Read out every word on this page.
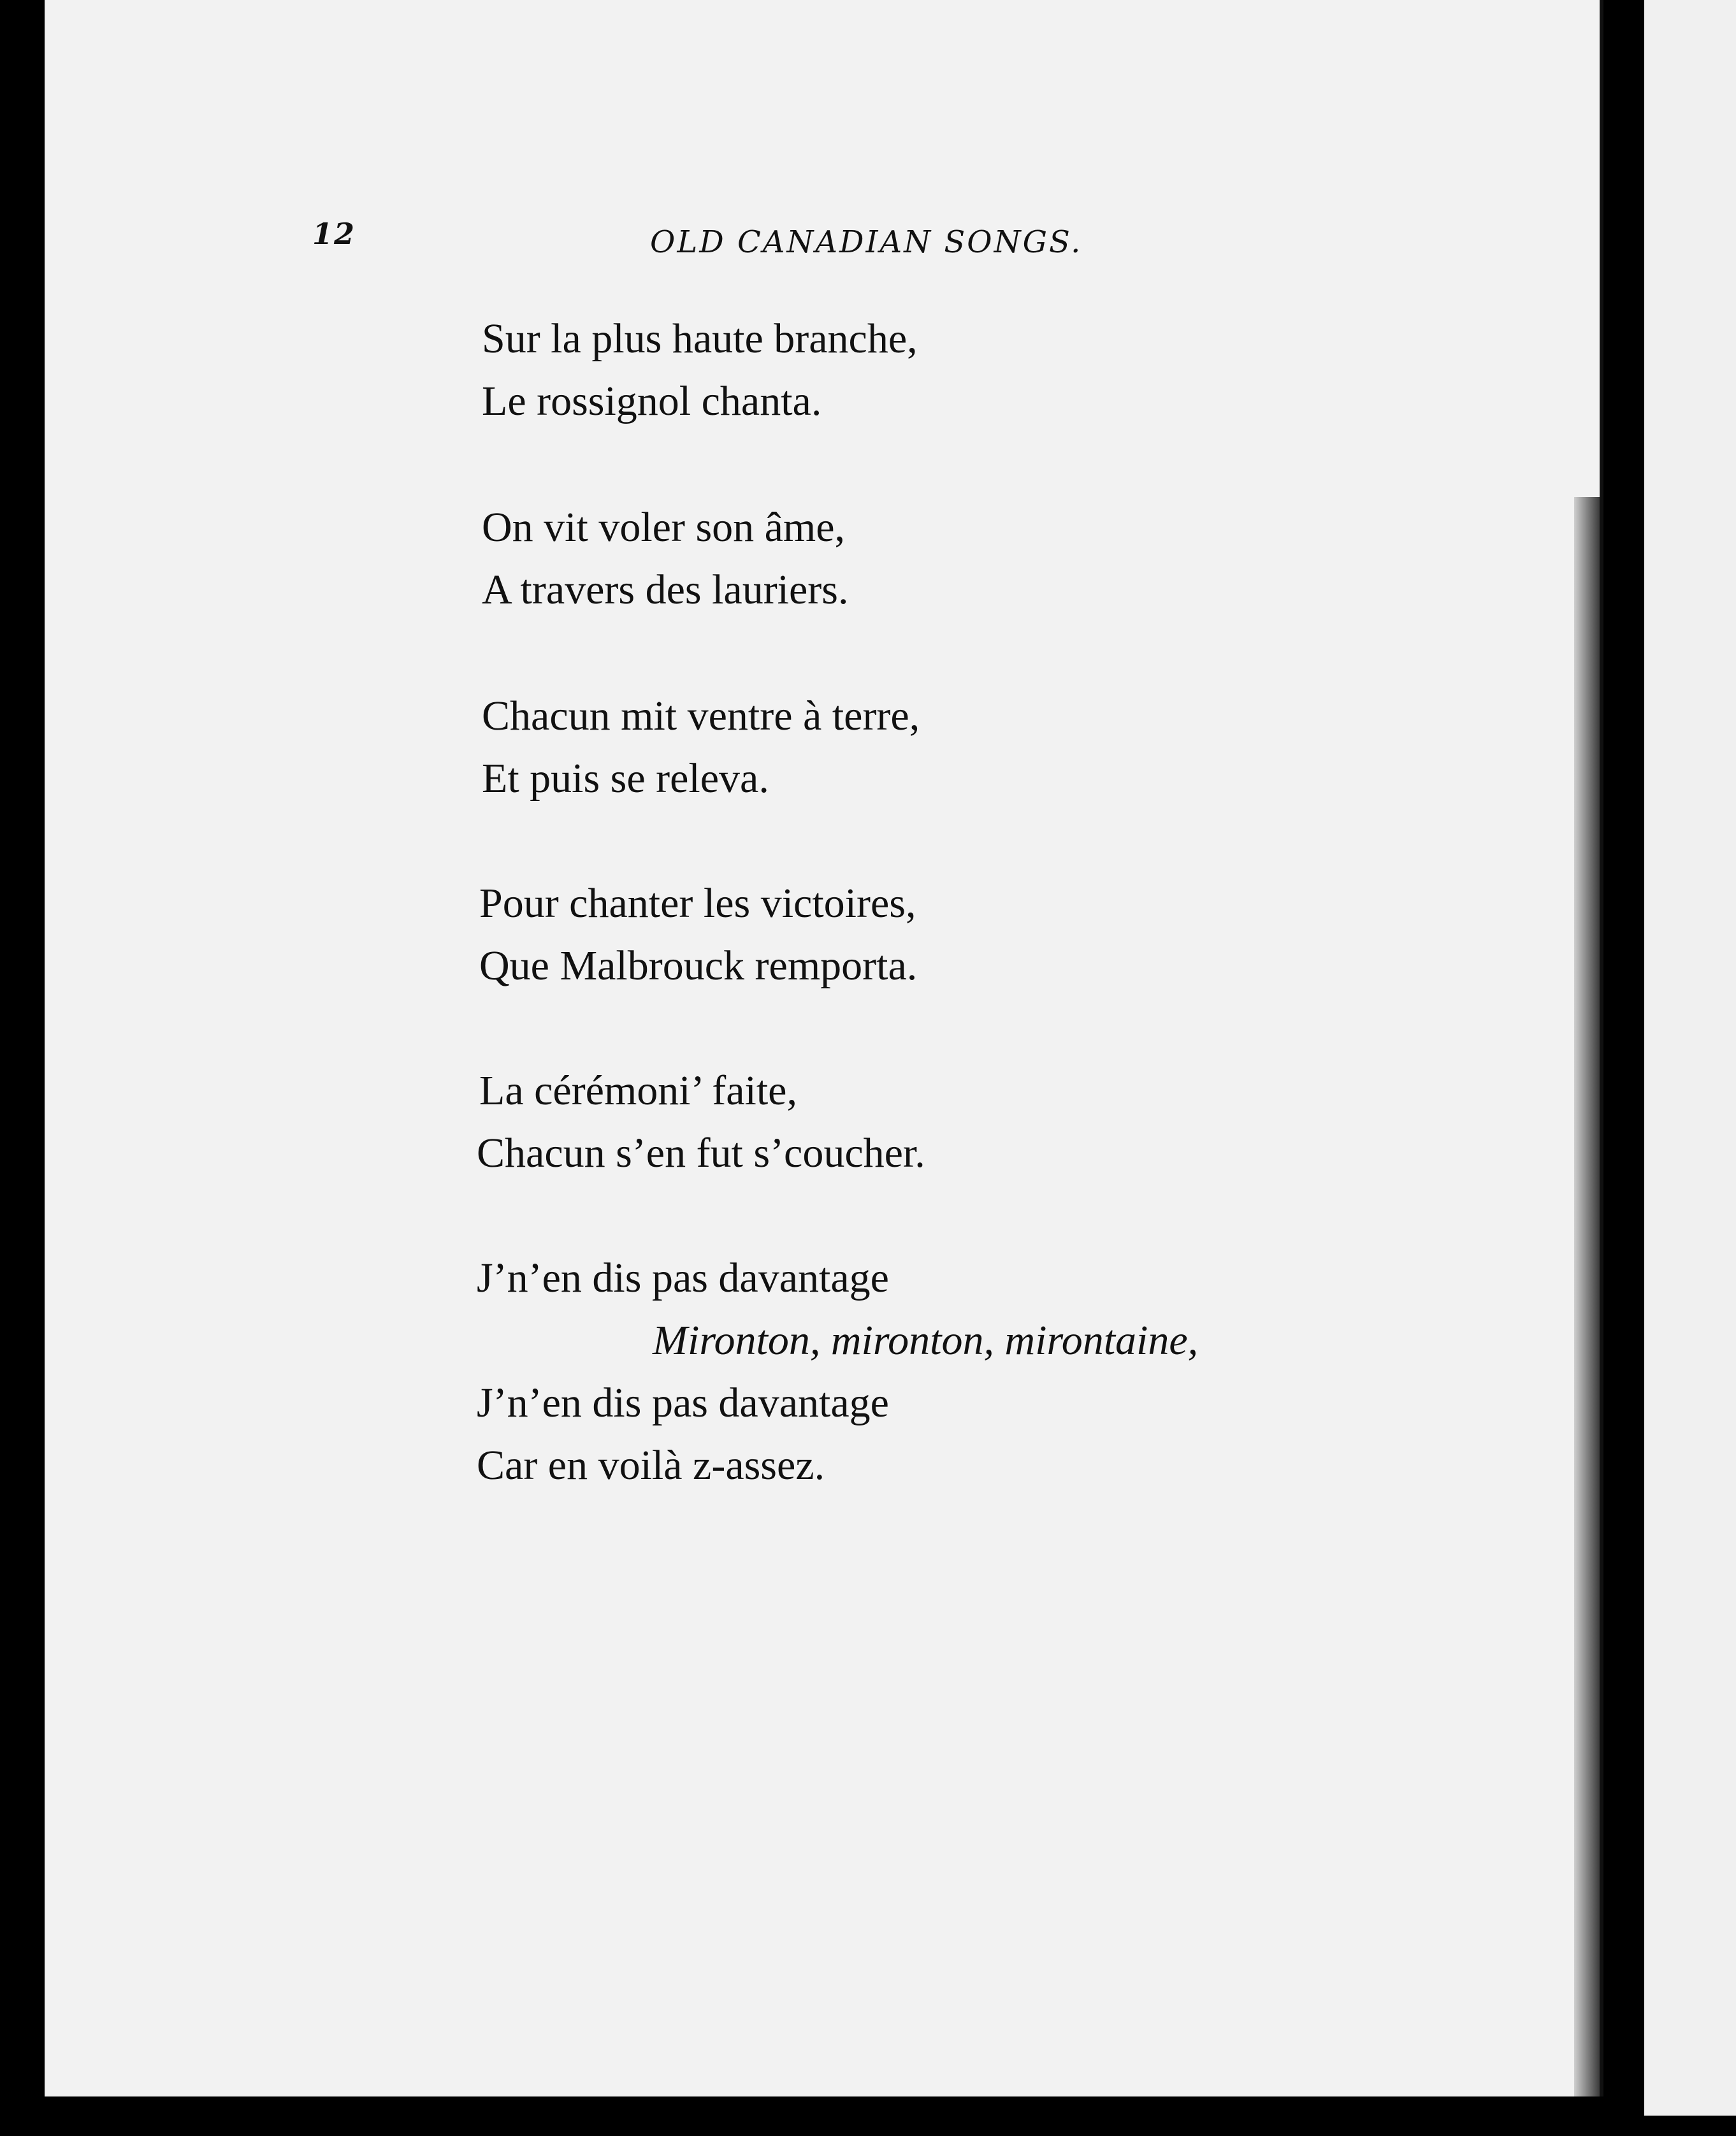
12	OLD CANADIAN SONGS.
Sur la plus haute branche,
Le rossignol chanta.
On vit voler son âme,
A travers des lauriers.
Chacun mit ventre à terre,
Et puis se releva.
Pour chanter les victoires,
Que Malbrouck remporta.
La cérémoni’ faite,
Chacun s’en fut s’coucher.
J’n’en dis pas davantage
Mironton, mironton, mirontaine,
J’n’en dis pas davantage
Car en voilà z-assez.
